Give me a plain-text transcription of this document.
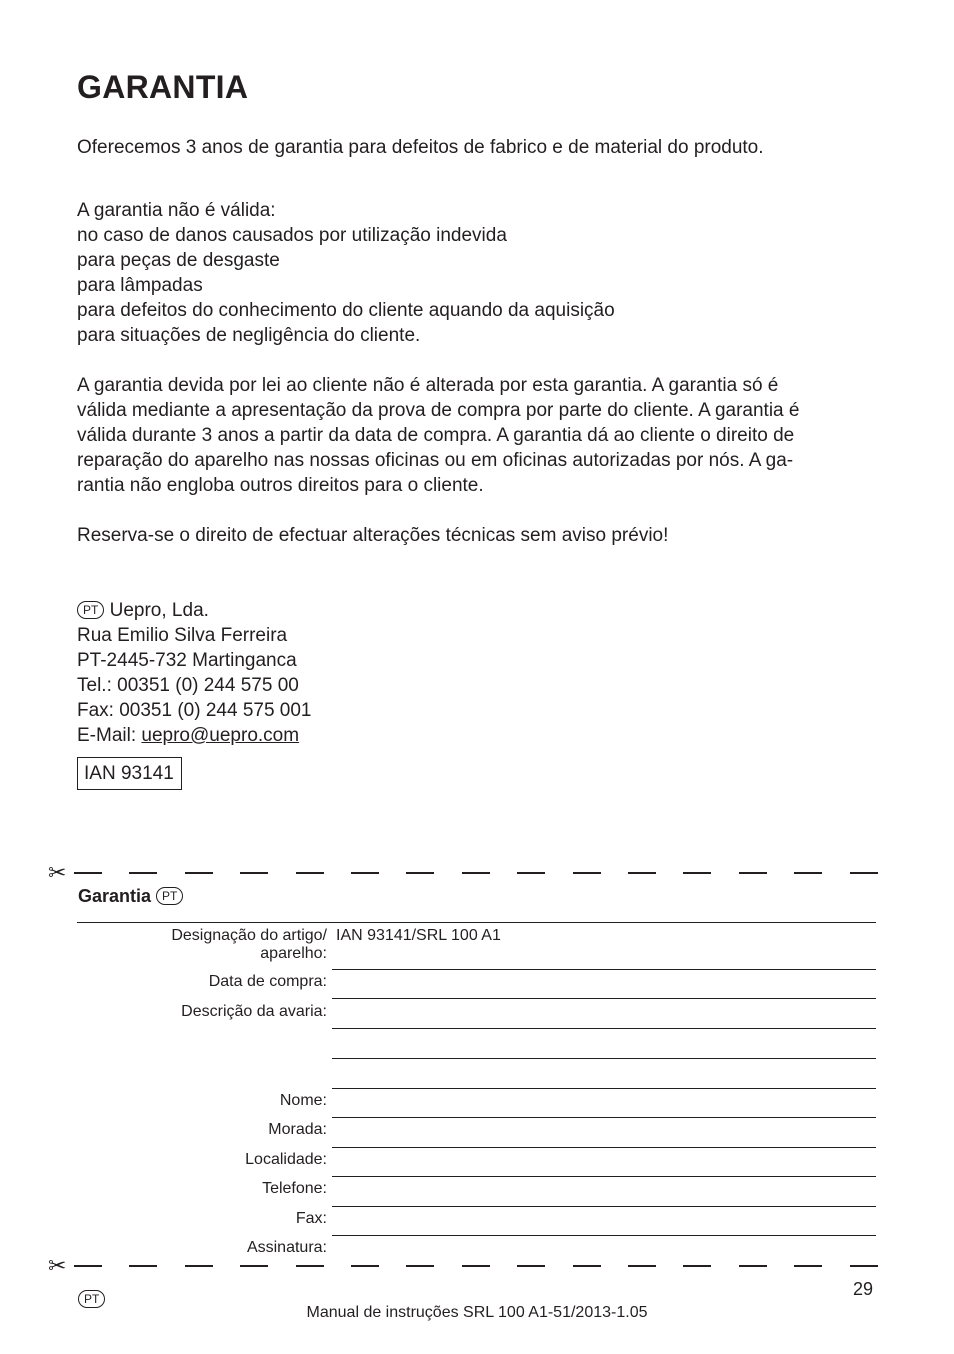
GARANTIA
Oferecemos 3 anos de garantia para defeitos de fabrico e de material do produto.
A garantia não é válida:
no caso de danos causados por utilização indevida
para peças de desgaste
para lâmpadas
para defeitos do conhecimento do cliente aquando da aquisição
para situações de negligência do cliente.
A garantia devida por lei ao cliente não é alterada por esta garantia. A garantia só é
válida mediante a apresentação da prova de compra por parte do cliente. A garantia é
válida durante 3 anos a partir da data de compra. A garantia dá ao cliente o direito de
reparação do aparelho nas nossas oficinas ou em oficinas autorizadas por nós. A ga-
rantia não engloba outros direitos para o cliente.
Reserva-se o direito de efectuar alterações técnicas sem aviso prévio!
PT Uepro, Lda.
Rua Emilio Silva Ferreira
PT-2445-732 Martinganca
Tel.: 00351 (0) 244 575 00
Fax: 00351 (0) 244 575 001
E-Mail: uepro@uepro.com
IAN 93141
✂
Garantia PT
Designação do artigo/
aparelho:
IAN 93141/SRL 100 A1
Data de compra:
Descrição da avaria:
Nome:
Morada:
Localidade:
Telefone:
Fax:
Assinatura:
✂
29
PT
Manual de instruções SRL 100 A1-51/2013-1.05
